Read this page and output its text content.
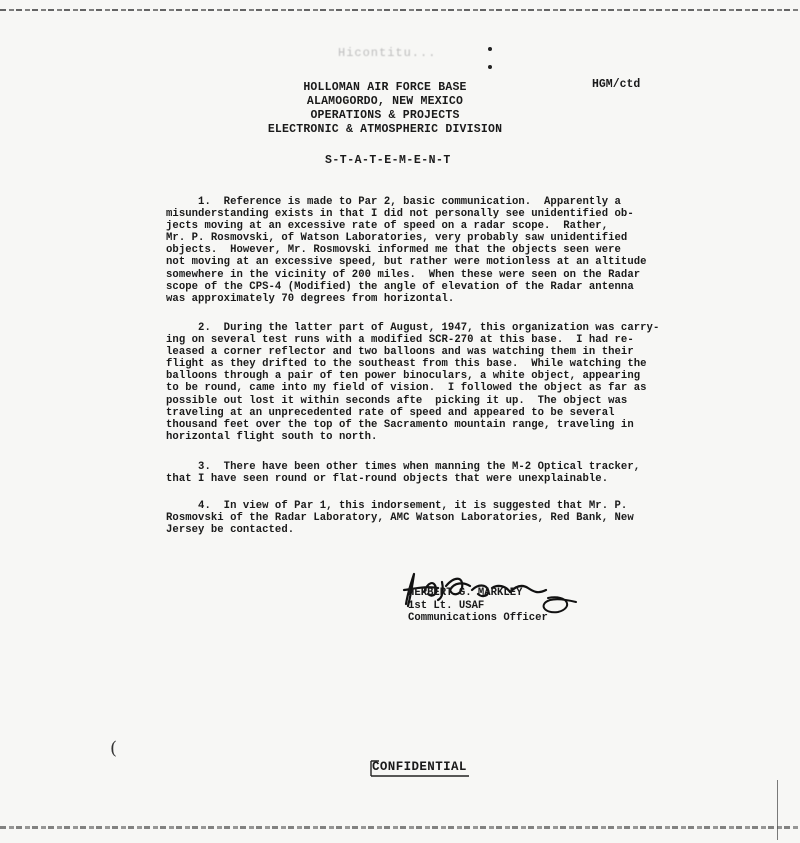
Hicontitu...
HOLLOMAN AIR FORCE BASE
ALAMOGORDO, NEW MEXICO
OPERATIONS & PROJECTS
ELECTRONIC & ATMOSPHERIC DIVISION
HGM/ctd
S-T-A-T-E-M-E-N-T
1.  Reference is made to Par 2, basic communication.  Apparently a
misunderstanding exists in that I did not personally see unidentified ob-
jects moving at an excessive rate of speed on a radar scope.  Rather,
Mr. P. Rosmovski, of Watson Laboratories, very probably saw unidentified
objects.  However, Mr. Rosmovski informed me that the objects seen were
not moving at an excessive speed, but rather were motionless at an altitude
somewhere in the vicinity of 200 miles.  When these were seen on the Radar
scope of the CPS-4 (Modified) the angle of elevation of the Radar antenna
was approximately 70 degrees from horizontal.
2.  During the latter part of August, 1947, this organization was carry-
ing on several test runs with a modified SCR-270 at this base.  I had re-
leased a corner reflector and two balloons and was watching them in their
flight as they drifted to the southeast from this base.  While watching the
balloons through a pair of ten power binoculars, a white object, appearing
to be round, came into my field of vision.  I followed the object as far as
possible out lost it within seconds afte  picking it up.  The object was
traveling at an unprecedented rate of speed and appeared to be several
thousand feet over the top of the Sacramento mountain range, traveling in
horizontal flight south to north.
3.  There have been other times when manning the M-2 Optical tracker,
that I have seen round or flat-round objects that were unexplainable.
4.  In view of Par 1, this indorsement, it is suggested that Mr. P.
Rosmovski of the Radar Laboratory, AMC Watson Laboratories, Red Bank, New
Jersey be contacted.
HERBERT G. MARKLEY
1st Lt. USAF
Communications Officer
(
CONFIDENTIAL
